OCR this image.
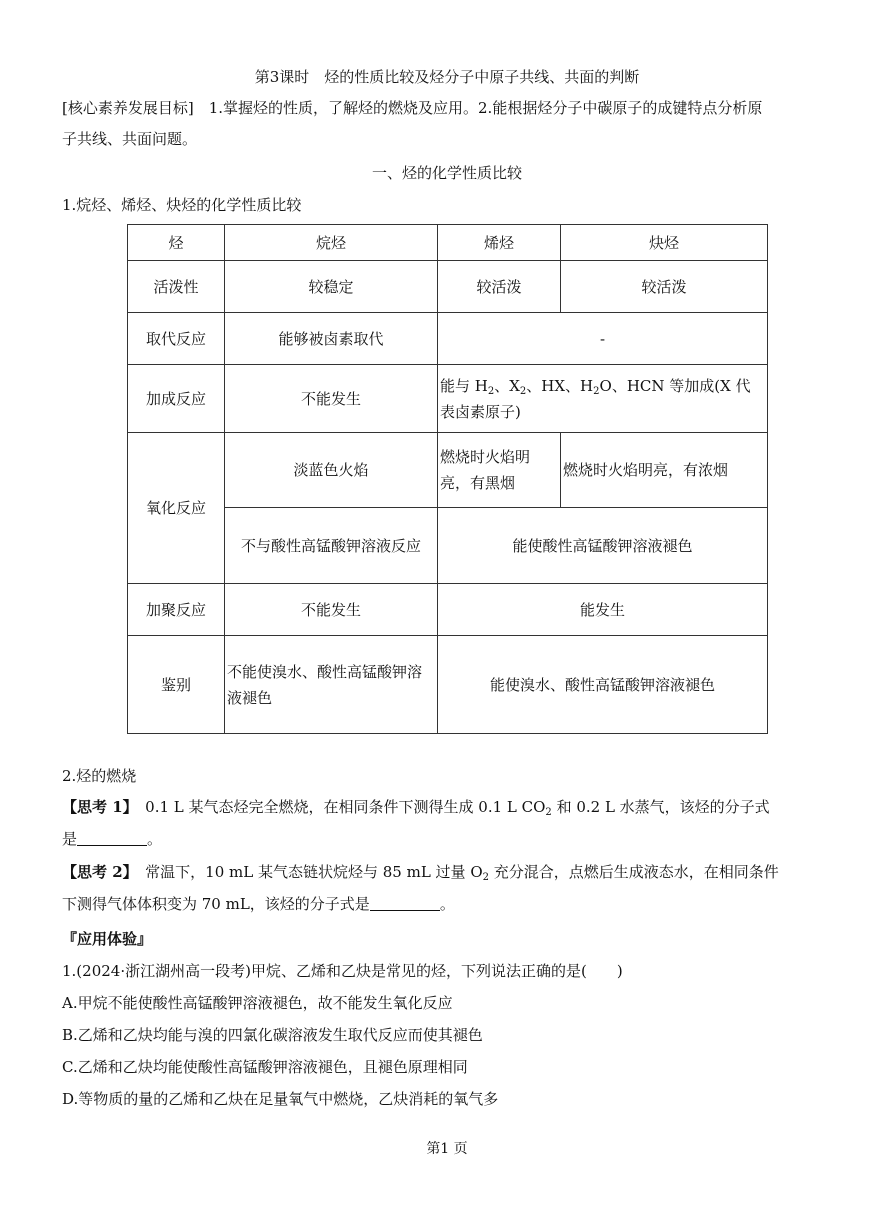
第3课时　烃的性质比较及烃分子中原子共线、共面的判断
[核心素养发展目标]　1.掌握烃的性质，了解烃的燃烧及应用。2.能根据烃分子中碳原子的成键特点分析原
子共线、共面问题。
一、烃的化学性质比较
1.烷烃、烯烃、炔烃的化学性质比较
烃	烷烃	烯烃	炔烃
活泼性	较稳定	较活泼	较活泼
取代反应	能够被卤素取代	-	
加成反应	不能发生	能与 $H_2$、$X_2$、HX、$H_2O$、HCN 等加成(X 代表卤素原子)	
氧化反应	淡蓝色火焰	燃烧时火焰明亮，有黑烟	燃烧时火焰明亮，有浓烟
	不与酸性高锰酸钾溶液反应	能使酸性高锰酸钾溶液褪色	
加聚反应	不能发生	能发生	
鉴别	不能使溴水、酸性高锰酸钾溶液褪色	能使溴水、酸性高锰酸钾溶液褪色	
2.烃的燃烧
【思考 1】　0.1 L 某气态烃完全燃烧，在相同条件下测得生成 0.1 L $CO_2$ 和 0.2 L 水蒸气，该烃的分子式
是	。
【思考 2】　常温下，10 mL 某气态链状烷烃与 85 mL 过量 $O_2$ 充分混合，点燃后生成液态水，在相同条件
下测得气体体积变为 70 mL，该烃的分子式是	。
『应用体验』
1.(2024·浙江湖州高一段考)甲烷、乙烯和乙炔是常见的烃，下列说法正确的是(　　)
A.甲烷不能使酸性高锰酸钾溶液褪色，故不能发生氧化反应
B.乙烯和乙炔均能与溴的四氯化碳溶液发生取代反应而使其褪色
C.乙烯和乙炔均能使酸性高锰酸钾溶液褪色，且褪色原理相同
D.等物质的量的乙烯和乙炔在足量氧气中燃烧，乙炔消耗的氧气多
第1 页
